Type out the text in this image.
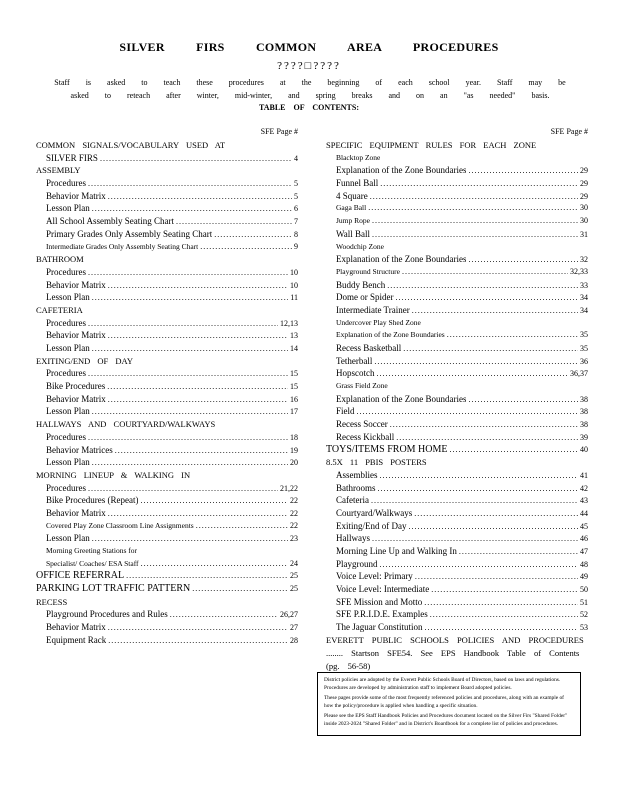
SILVER FIRS COMMON AREA PROCEDURES
????□????
Staff is asked to teach these procedures at the beginning of each school year. Staff may be asked to reteach after winter, mid-winter, and spring breaks and on an "as needed" basis.
TABLE OF CONTENTS:
SFE Page #
COMMON SIGNALS/VOCABULARY USED AT
SILVER FIRS .....	4
ASSEMBLY
Procedures .....	5
Behavior Matrix .....	5
Lesson Plan .....	6
All School Assembly Seating Chart .....	7
Primary Grades Only Assembly Seating Chart .....	8
Intermediate Grades Only Assembly Seating Chart .....	9
BATHROOM
Procedures .....	10
Behavior Matrix .....	10
Lesson Plan .....	11
CAFETERIA
Procedures .....	12,13
Behavior Matrix .....	13
Lesson Plan .....	14
EXITING/END OF DAY
Procedures .....	15
Bike Procedures .....	15
Behavior Matrix .....	16
Lesson Plan .....	17
HALLWAYS AND COURTYARD/WALKWAYS
Procedures .....	18
Behavior Matrices .....	19
Lesson Plan .....	20
MORNING LINEUP & WALKING IN
Procedures .....	21,22
Bike Procedures (Repeat) .....	22
Behavior Matrix .....	22
Covered Play Zone Classroom Line Assignments .....	22
Lesson Plan .....	23
Morning Greeting Stations for
Specialist/ Coaches/ ESA Staff .....	24
OFFICE REFERRAL .....	25
PARKING LOT TRAFFIC PATTERN .....	25
RECESS
Playground Procedures and Rules .....	26,27
Behavior Matrix .....	27
Equipment Rack .....	28
SFE Page #
SPECIFIC EQUIPMENT RULES FOR EACH ZONE
Blacktop Zone
Explanation of the Zone Boundaries .....	29
Funnel Ball .....	29
4 Square .....	29
Gaga Ball .....	30
Jump Rope .....	30
Wall Ball .....	31
Woodchip Zone
Explanation of the Zone Boundaries .....	32
Playground Structure .....	32,33
Buddy Bench .....	33
Dome or Spider .....	34
Intermediate Trainer .....	34
Undercover Play Shed Zone
Explanation of the Zone Boundaries .....	35
Recess Basketball .....	35
Tetherball .....	36
Hopscotch .....	36,37
Grass Field Zone
Explanation of the Zone Boundaries .....	38
Field .....	38
Recess Soccer .....	38
Recess Kickball .....	39
TOYS/ITEMS FROM HOME .....	40
8.5X 11 PBIS POSTERS
Assemblies .....	41
Bathrooms .....	42
Cafeteria .....	43
Courtyard/Walkways .....	44
Exiting/End of Day .....	45
Hallways .....	46
Morning Line Up and Walking In .....	47
Playground .....	48
Voice Level: Primary .....	49
Voice Level: Intermediate .....	50
SFE Mission and Motto .....	51
SFE P.R.I.D.E. Examples .....	52
The Jaguar Constitution .....	53
EVERETT PUBLIC SCHOOLS POLICIES AND PROCEDURES ........ Startson SFE54. See EPS Handbook Table of Contents (pg. 56-58)

District policies are adopted by the Everett Public Schools Board of Directors, based on laws and regulations. Procedures are developed by administration staff to implement Board adopted policies.

These pages provide some of the most frequently referenced policies and procedures, along with an example of how the policy/procedure is applied when handling a specific situation.

Please see the EPS Staff Handbook Policies and Procedures document located on the Silver Firs "Shared Folder" inside 2023-2024 "Shared Folder" and in District's Boardbook for a complete list of policies and procedures.
